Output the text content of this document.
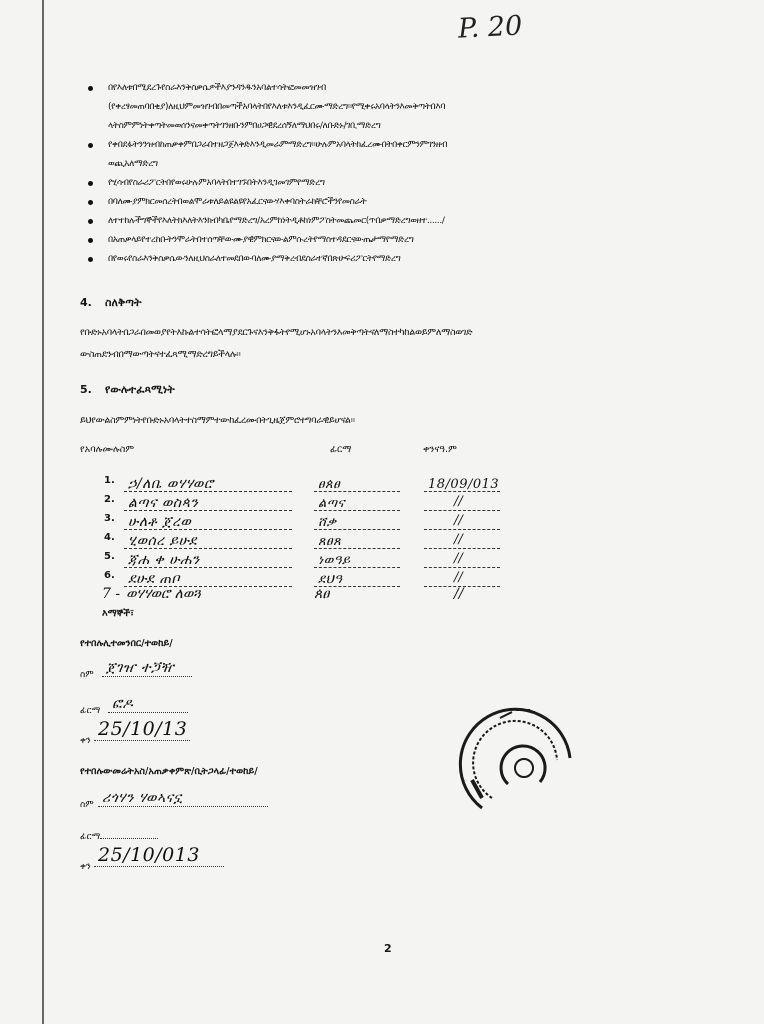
P. 20
በየእለቱበሚደረጉየስራእንቅስቃሴዎችእያንዳንዱንአባልተሳትፎመመዝገብ
(የቀረፃመጠባበቂያ)ለዚህምመዝገብበመጣችአባላትበየእለቱእንዲፈርሙማድረግ።የሚቀሩአባላትንእመቅጣትበእባ
ላትስምምነትቀጣትመወሰንናመቀጣትገንዘቡንምበሀጋዊደረሰኝለማህበሩ/ለቡድኑ/ገቢማድረግ
የቀበደፋትንንዝብከጠቃቀምበጋራበተዘጋጀእቅድእንዲመራምማድረግ።ሁሉምአባላትከፈረሙበትበቀርምንምገንዘብ
ወጪአለማድረግ
የሂሳብየስራሪፖርትበየወሩሁሉምአባላትበተገኙበትእንዲገመገምየማድረግ
በባለሙያምክርመሰረትበወልሞራቱለይልዩልዩየአፈርናውሃእቀባስትራክቸሮችንየመስራት
ለተተከሉችግኞችየእለትክእለትእንክብካቤየማድረግ/አረምከነትዲቶከነምፖስትመጨመር(ጥበቃማድረግወዘተ....../
በአጠቃላይየተረከቡትንሞራትበተሰጣቸውሙያዊምክርናውልምሱረትየማስተዳደርናውጤታማየማድረግ
በየወሩየስራእንቅስቃሴውንለዚህስራለተመደበውባለሙያማቅረብደስራተኛበጽሁፍሪፖርትየማድረግ
4. ስለቅጣት
የቡድኑአባላትበጋራበመወያየትእኩልተሳትፎላማያደርጉናእንቅፋትየሚሆኑአባላትንእመቅጣትናለማስተካከልወይምለማስወገድ
ውስጠደንብበማውጣትናተፈጻሚማድረግይችላሉ።
5. የውሉተፈጻሚነት
ይህየውልስምምነትየቡድኑአባላትተስማምተውከፈረሙበትጊዜጀምሮተግባራዊይሆናል።
የአባሉሙሉስም	ፊርማ	ቀንናዓ.ም
1. ኃ/ለቤ ወሃሃወሮ	ፀጰፀ	18/09/013
2. ልጣና ወስጳን	ልጣና	//
3. ሁለቶ ጀረወ	ሸቃ	//
4. ሂወሰረ ይሁደ	ጸፀጸ	//
5. ጃሐ ቀ ሁሐን	ነወዓይ	//
6. ደሁደ ጠቦ	ደህዓ	//
7 - ወሃሃወሮ ለወጓ	ጰፀ	//
እማኞች፣
የተበሉሊተመንበር/ተወከይ/
ስም ጀገዠ ተጛዥ
ፊርማ ፎዶ
ቀን
25/10/13
የተበሉውመሬትአስ/አጠቃቀምጽ/ቢትጋላፊ/ተወከይ/
ስም ሪጎሃን ሃወኣናኗ
ፊርማ
ቀን
25/10/013
2
